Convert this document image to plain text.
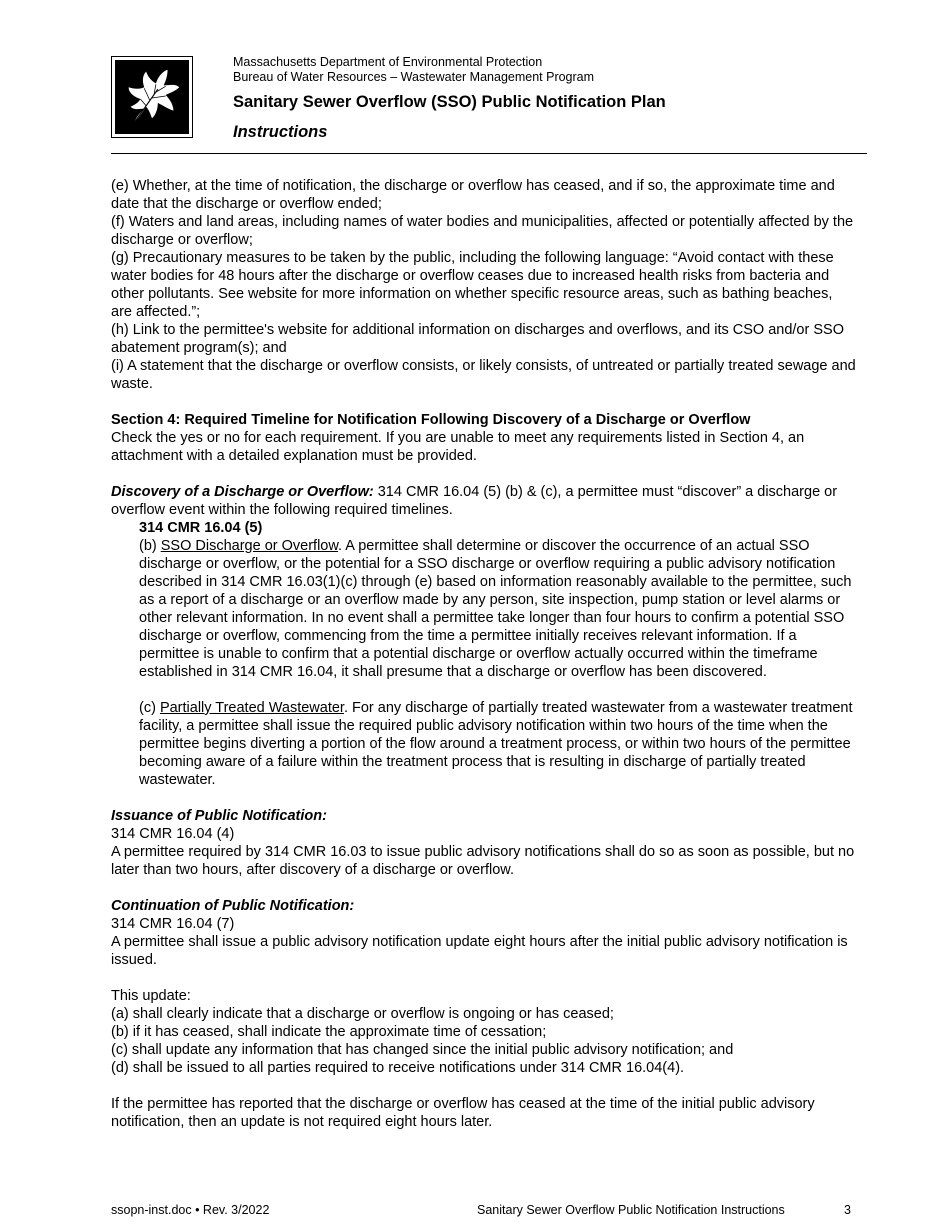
Massachusetts Department of Environmental Protection
Bureau of Water Resources – Wastewater Management Program
Sanitary Sewer Overflow (SSO) Public Notification Plan
Instructions

(e) Whether, at the time of notification, the discharge or overflow has ceased, and if so, the approximate time and date that the discharge or overflow ended;

(f) Waters and land areas, including names of water bodies and municipalities, affected or potentially affected by the discharge or overflow;

(g) Precautionary measures to be taken by the public, including the following language: “Avoid contact with these water bodies for 48 hours after the discharge or overflow ceases due to increased health risks from bacteria and other pollutants. See website for more information on whether specific resource areas, such as bathing beaches, are affected.”;

(h) Link to the permittee's website for additional information on discharges and overflows, and its CSO and/or SSO abatement program(s); and

(i) A statement that the discharge or overflow consists, or likely consists, of untreated or partially treated sewage and waste.

Section 4: Required Timeline for Notification Following Discovery of a Discharge or Overflow

Check the yes or no for each requirement. If you are unable to meet any requirements listed in Section 4, an attachment with a detailed explanation must be provided.

Discovery of a Discharge or Overflow: 314 CMR 16.04 (5) (b) & (c), a permittee must “discover” a discharge or overflow event within the following required timelines.

314 CMR 16.04 (5)

(b) SSO Discharge or Overflow. A permittee shall determine or discover the occurrence of an actual SSO discharge or overflow, or the potential for a SSO discharge or overflow requiring a public advisory notification described in 314 CMR 16.03(1)(c) through (e) based on information reasonably available to the permittee, such as a report of a discharge or an overflow made by any person, site inspection, pump station or level alarms or other relevant information. In no event shall a permittee take longer than four hours to confirm a potential SSO discharge or overflow, commencing from the time a permittee initially receives relevant information. If a permittee is unable to confirm that a potential discharge or overflow actually occurred within the timeframe established in 314 CMR 16.04, it shall presume that a discharge or overflow has been discovered.

(c) Partially Treated Wastewater. For any discharge of partially treated wastewater from a wastewater treatment facility, a permittee shall issue the required public advisory notification within two hours of the time when the permittee begins diverting a portion of the flow around a treatment process, or within two hours of the permittee becoming aware of a failure within the treatment process that is resulting in discharge of partially treated wastewater.

Issuance of Public Notification:

314 CMR 16.04 (4)

A permittee required by 314 CMR 16.03 to issue public advisory notifications shall do so as soon as possible, but no later than two hours, after discovery of a discharge or overflow.

Continuation of Public Notification:

314 CMR 16.04 (7)

A permittee shall issue a public advisory notification update eight hours after the initial public advisory notification is issued.

This update:

(a) shall clearly indicate that a discharge or overflow is ongoing or has ceased;

(b) if it has ceased, shall indicate the approximate time of cessation;

(c) shall update any information that has changed since the initial public advisory notification; and

(d) shall be issued to all parties required to receive notifications under 314 CMR 16.04(4).

If the permittee has reported that the discharge or overflow has ceased at the time of the initial public advisory notification, then an update is not required eight hours later.

ssopn-inst.doc • Rev. 3/2022	Sanitary Sewer Overflow Public Notification Instructions	3
